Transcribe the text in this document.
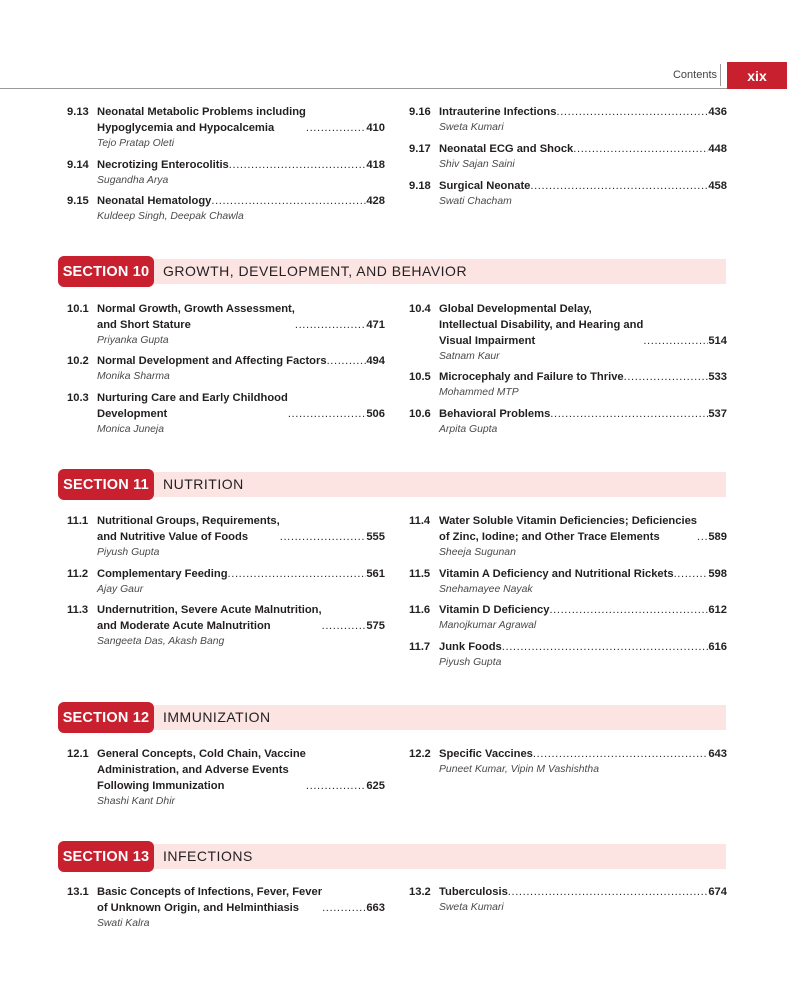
Contents	xix
9.13 Neonatal Metabolic Problems including
Hypoglycemia and Hypocalcemia .....	410
Tejo Pratap Oleti
9.14 Necrotizing Enterocolitis .....	418
Sugandha Arya
9.15 Neonatal Hematology .....	428
Kuldeep Singh, Deepak Chawla
9.16 Intrauterine Infections .....	436
Sweta Kumari
9.17 Neonatal ECG and Shock .....	448
Shiv Sajan Saini
9.18 Surgical Neonate .....	458
Swati Chacham
SECTION 10 GROWTH, DEVELOPMENT, AND BEHAVIOR
10.1 Normal Growth, Growth Assessment,
and Short Stature .....	471
Priyanka Gupta
10.2 Normal Development and Affecting Factors .....	494
Monika Sharma
10.3 Nurturing Care and Early Childhood
Development .....	506
Monica Juneja
10.4 Global Developmental Delay,
Intellectual Disability, and Hearing and
Visual Impairment .....	514
Satnam Kaur
10.5 Microcephaly and Failure to Thrive .....	533
Mohammed MTP
10.6 Behavioral Problems .....	537
Arpita Gupta
SECTION 11	NUTRITION
11.1 Nutritional Groups, Requirements,
and Nutritive Value of Foods .....	555
Piyush Gupta
11.2 Complementary Feeding .....	561
Ajay Gaur
11.3 Undernutrition, Severe Acute Malnutrition,
and Moderate Acute Malnutrition .....	575
Sangeeta Das, Akash Bang
11.4 Water Soluble Vitamin Deficiencies; Deficiencies
of Zinc, Iodine; and Other Trace Elements .....	589
Sheeja Sugunan
11.5 Vitamin A Deficiency and Nutritional Rickets .....	598
Snehamayee Nayak
11.6 Vitamin D Deficiency .....	612
Manojkumar Agrawal
11.7 Junk Foods .....	616
Piyush Gupta
SECTION 12 IMMUNIZATION
12.1 General Concepts, Cold Chain, Vaccine
Administration, and Adverse Events
Following Immunization .....	625
Shashi Kant Dhir
12.2 Specific Vaccines .....	643
Puneet Kumar, Vipin M Vashishtha
SECTION 13 INFECTIONS
13.1 Basic Concepts of Infections, Fever, Fever
of Unknown Origin, and Helminthiasis .....	663
Swati Kalra
13.2 Tuberculosis .....	674
Sweta Kumari
